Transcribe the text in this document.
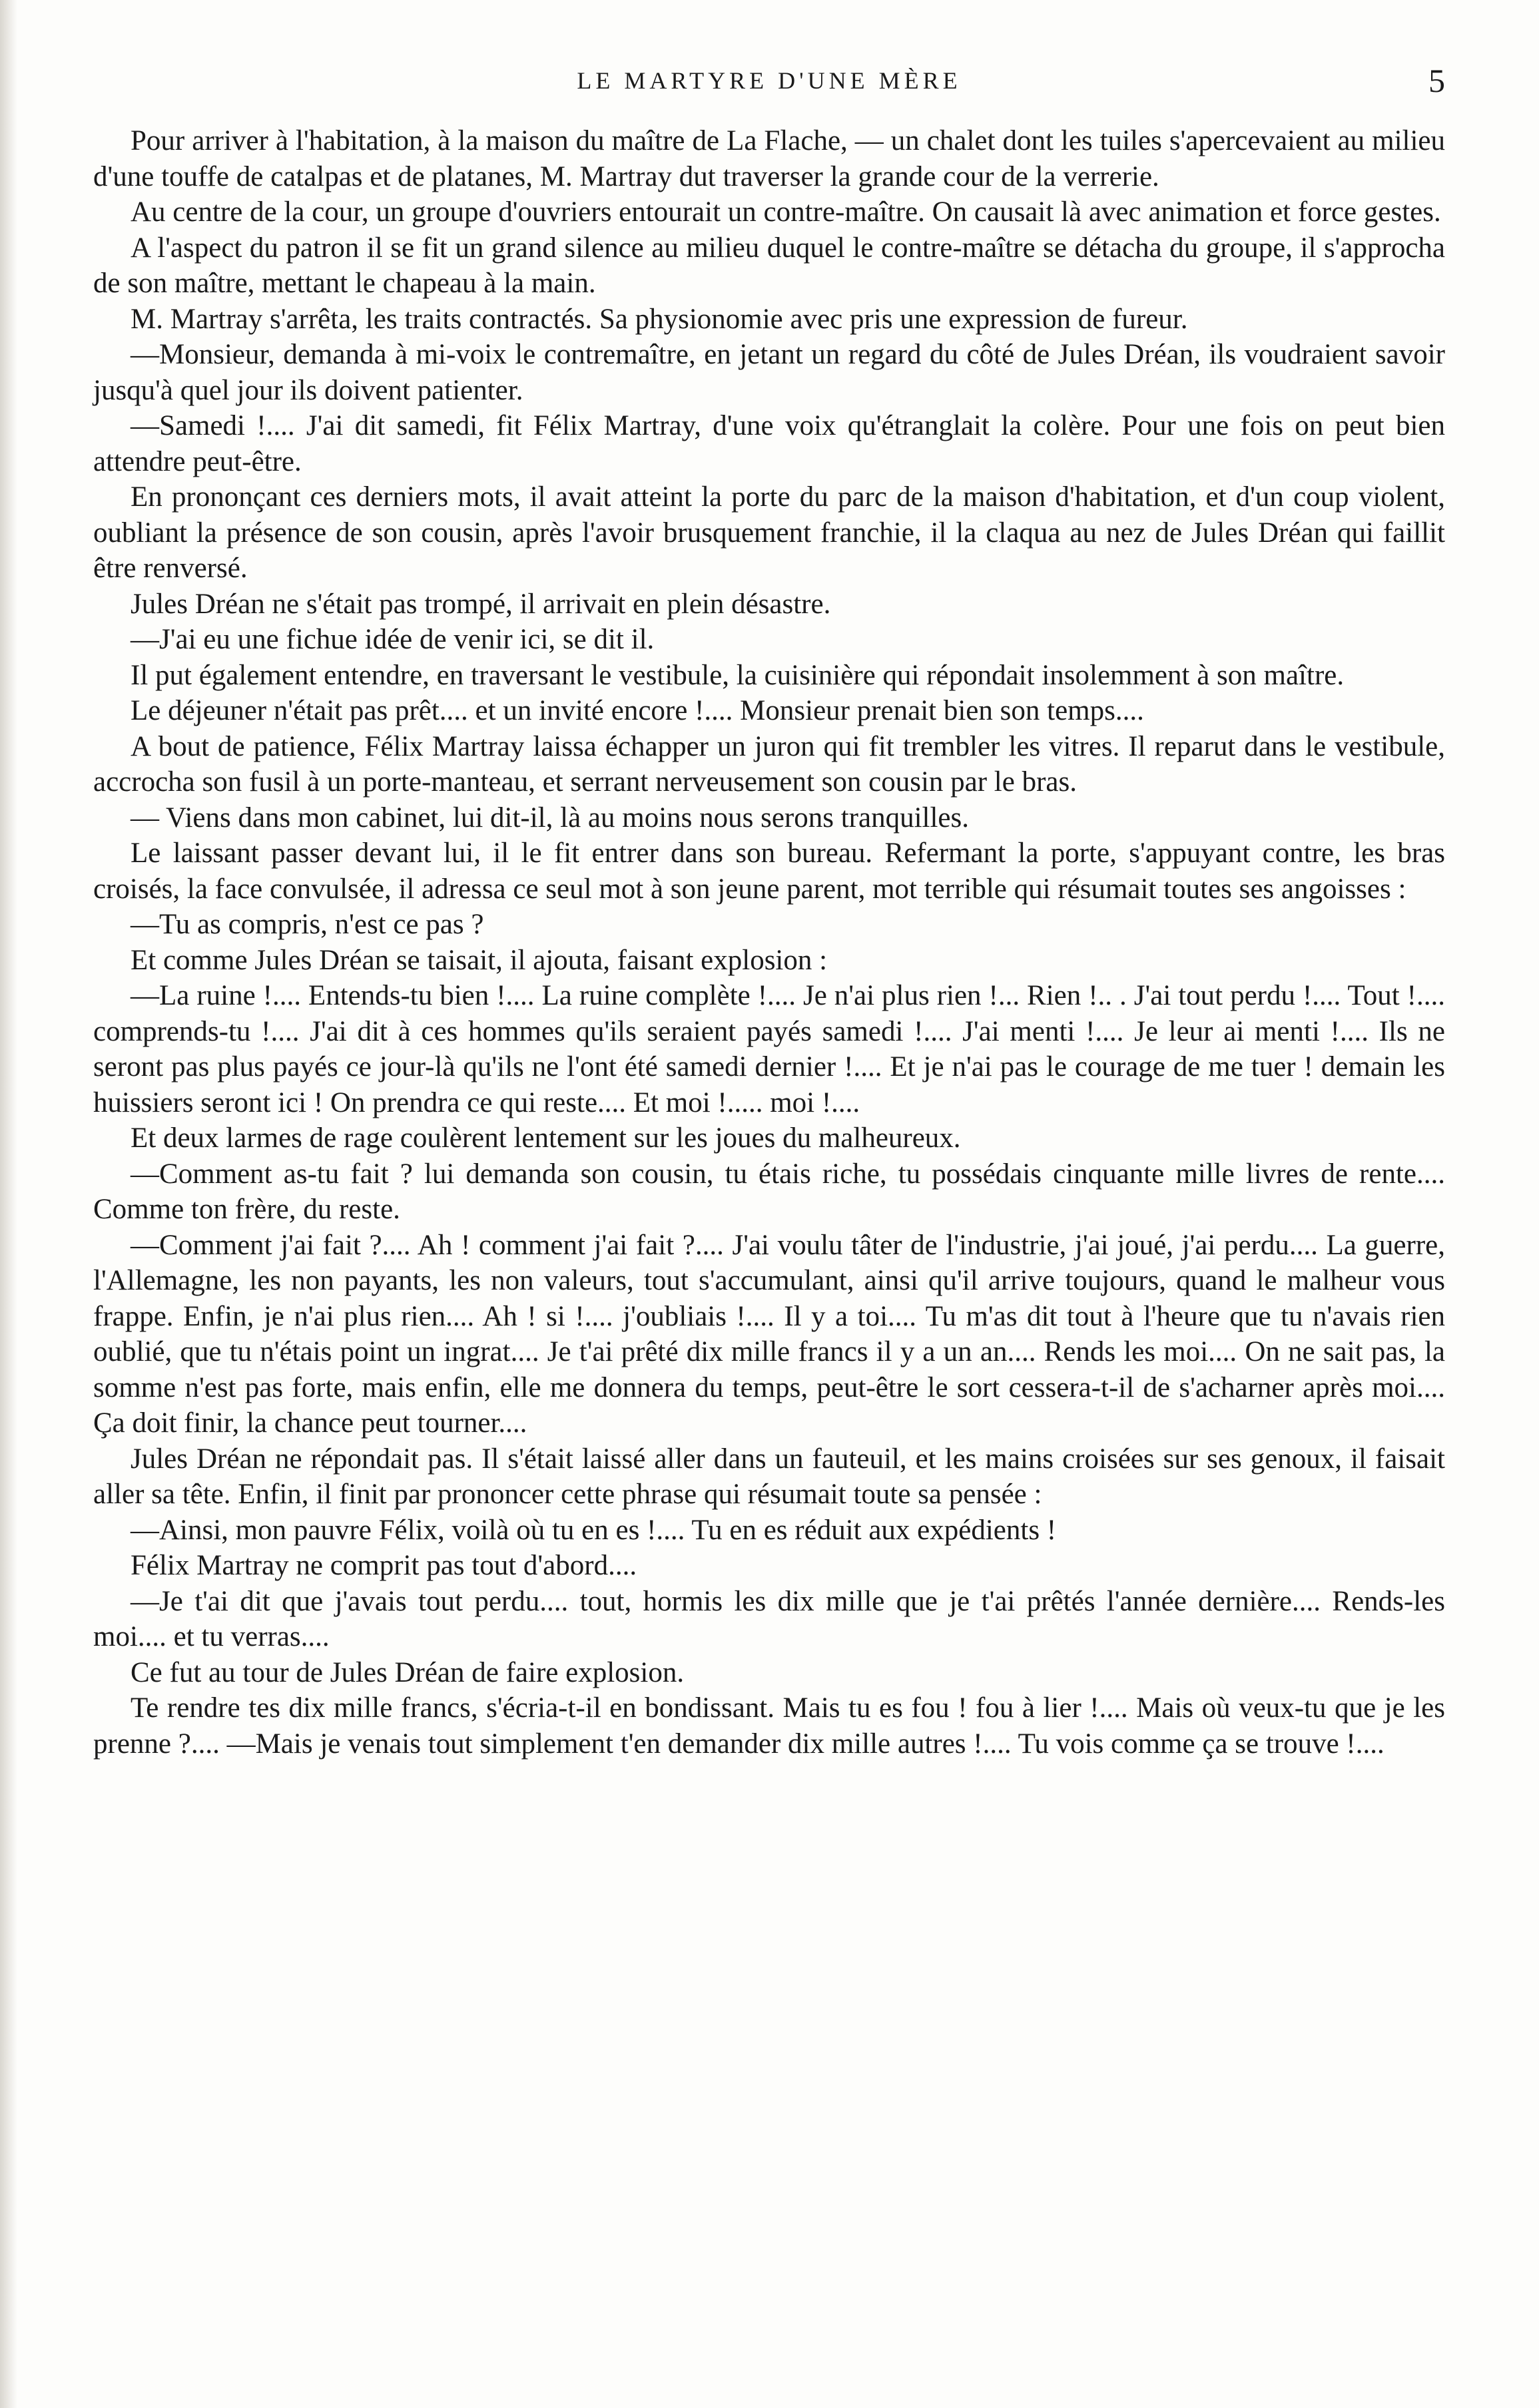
LE MARTYRE D'UNE MÈRE	5

Pour arriver à l'habitation, à la maison du maître de La Flache, — un chalet dont les tuiles s'apercevaient au milieu d'une touffe de catalpas et de platanes, M. Martray dut traverser la grande cour de la verrerie.

Au centre de la cour, un groupe d'ouvriers entourait un contre-maître. On causait là avec animation et force gestes.

A l'aspect du patron il se fit un grand silence au milieu duquel le contre-maître se détacha du groupe, il s'approcha de son maître, mettant le chapeau à la main.

M. Martray s'arrêta, les traits contractés. Sa physionomie avec pris une expression de fureur.

—Monsieur, demanda à mi-voix le contremaître, en jetant un regard du côté de Jules Dréan, ils voudraient savoir jusqu'à quel jour ils doivent patienter.

—Samedi !.... J'ai dit samedi, fit Félix Martray, d'une voix qu'étranglait la colère. Pour une fois on peut bien attendre peut-être.

En prononçant ces derniers mots, il avait atteint la porte du parc de la maison d'habitation, et d'un coup violent, oubliant la présence de son cousin, après l'avoir brusquement franchie, il la claqua au nez de Jules Dréan qui faillit être renversé.

Jules Dréan ne s'était pas trompé, il arrivait en plein désastre.

—J'ai eu une fichue idée de venir ici, se dit il.

Il put également entendre, en traversant le vestibule, la cuisinière qui répondait insolemment à son maître.

Le déjeuner n'était pas prêt.... et un invité encore !.... Monsieur prenait bien son temps....

A bout de patience, Félix Martray laissa échapper un juron qui fit trembler les vitres. Il reparut dans le vestibule, accrocha son fusil à un porte-manteau, et serrant nerveusement son cousin par le bras.

— Viens dans mon cabinet, lui dit-il, là au moins nous serons tranquilles.

Le laissant passer devant lui, il le fit entrer dans son bureau. Refermant la porte, s'appuyant contre, les bras croisés, la face convulsée, il adressa ce seul mot à son jeune parent, mot terrible qui résumait toutes ses angoisses :

—Tu as compris, n'est ce pas ?

Et comme Jules Dréan se taisait, il ajouta, faisant explosion :

—La ruine !.... Entends-tu bien !.... La ruine complète !.... Je n'ai plus rien !... Rien !.. . J'ai tout perdu !.... Tout !.... comprends-tu !.... J'ai dit à ces hommes qu'ils seraient payés samedi !.... J'ai menti !.... Je leur ai menti !.... Ils ne seront pas plus payés ce jour-là qu'ils ne l'ont été samedi dernier !.... Et je n'ai pas le courage de me tuer ! demain les huissiers seront ici ! On prendra ce qui reste.... Et moi !..... moi !....

Et deux larmes de rage coulèrent lentement sur les joues du malheureux.

—Comment as-tu fait ? lui demanda son cousin, tu étais riche, tu possédais cinquante mille livres de rente.... Comme ton frère, du reste.

—Comment j'ai fait ?.... Ah ! comment j'ai fait ?.... J'ai voulu tâter de l'industrie, j'ai joué, j'ai perdu.... La guerre, l'Allemagne, les non payants, les non valeurs, tout s'accumulant, ainsi qu'il arrive toujours, quand le malheur vous frappe. Enfin, je n'ai plus rien.... Ah ! si !.... j'oubliais !.... Il y a toi.... Tu m'as dit tout à l'heure que tu n'avais rien oublié, que tu n'étais point un ingrat.... Je t'ai prêté dix mille francs il y a un an.... Rends les moi.... On ne sait pas, la somme n'est pas forte, mais enfin, elle me donnera du temps, peut-être le sort cessera-t-il de s'acharner après moi.... Ça doit finir, la chance peut tourner....

Jules Dréan ne répondait pas. Il s'était laissé aller dans un fauteuil, et les mains croisées sur ses genoux, il faisait aller sa tête. Enfin, il finit par prononcer cette phrase qui résumait toute sa pensée :

—Ainsi, mon pauvre Félix, voilà où tu en es !.... Tu en es réduit aux expédients !

Félix Martray ne comprit pas tout d'abord....

—Je t'ai dit que j'avais tout perdu.... tout, hormis les dix mille que je t'ai prêtés l'année dernière.... Rends-les moi.... et tu verras....

Ce fut au tour de Jules Dréan de faire explosion.

Te rendre tes dix mille francs, s'écria-t-il en bondissant. Mais tu es fou ! fou à lier !.... Mais où veux-tu que je les prenne ?.... —Mais je venais tout simplement t'en demander dix mille autres !.... Tu vois comme ça se trouve !....
